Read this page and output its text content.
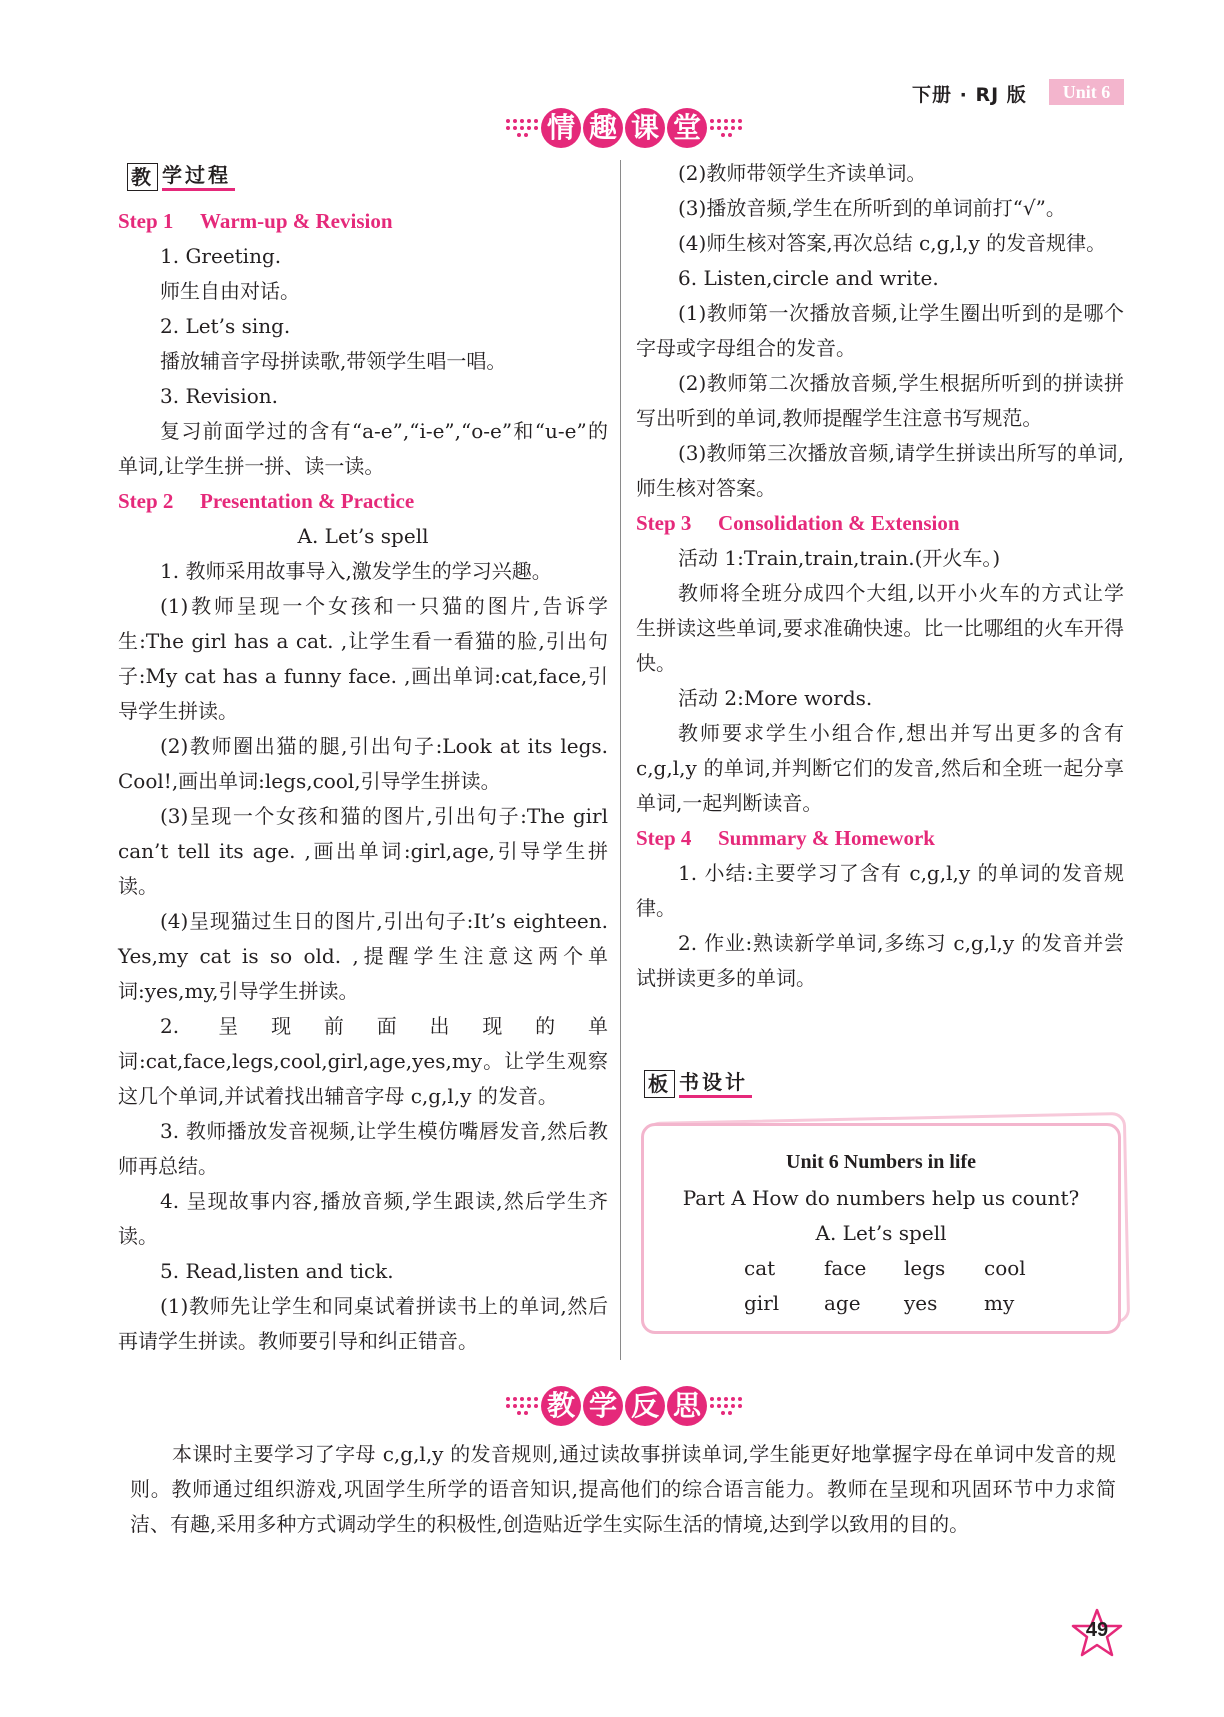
下册 · RJ 版	Unit 6
情 趣 课 堂
教 学过程

Step 1 Warm-up & Revision

1. Greeting.

师生自由对话。

2. Let’s sing.

播放辅音字母拼读歌,带领学生唱一唱。

3. Revision.

复习前面学过的含有“a-e”,“i-e”,“o-e”和“u-e”的单词,让学生拼一拼、读一读。

Step 2 Presentation & Practice

A. Let’s spell

1. 教师采用故事导入,激发学生的学习兴趣。

(1)教师呈现一个女孩和一只猫的图片,告诉学生:The girl has a cat. ,让学生看一看猫的脸,引出句子:My cat has a funny face. ,画出单词:cat,face,引导学生拼读。

(2)教师圈出猫的腿,引出句子:Look at its legs. Cool!,画出单词:legs,cool,引导学生拼读。

(3)呈现一个女孩和猫的图片,引出句子:The girl can’t tell its age. ,画出单词:girl,age,引导学生拼读。

(4)呈现猫过生日的图片,引出句子:It’s eighteen. Yes,my cat is so old. ,提醒学生注意这两个单词:yes,my,引导学生拼读。

2. 呈现前面出现的单词:cat,face,legs,cool,girl,age,yes,my。让学生观察这几个单词,并试着找出辅音字母 c,g,l,y 的发音。

3. 教师播放发音视频,让学生模仿嘴唇发音,然后教师再总结。

4. 呈现故事内容,播放音频,学生跟读,然后学生齐读。

5. Read,listen and tick.

(1)教师先让学生和同桌试着拼读书上的单词,然后再请学生拼读。教师要引导和纠正错音。

(2)教师带领学生齐读单词。

(3)播放音频,学生在所听到的单词前打“√”。

(4)师生核对答案,再次总结 c,g,l,y 的发音规律。

6. Listen,circle and write.

(1)教师第一次播放音频,让学生圈出听到的是哪个字母或字母组合的发音。

(2)教师第二次播放音频,学生根据所听到的拼读拼写出听到的单词,教师提醒学生注意书写规范。

(3)教师第三次播放音频,请学生拼读出所写的单词,师生核对答案。

Step 3 Consolidation & Extension

活动 1:Train,train,train.(开火车。)

教师将全班分成四个大组,以开小火车的方式让学生拼读这些单词,要求准确快速。比一比哪组的火车开得快。

活动 2:More words.

教师要求学生小组合作,想出并写出更多的含有 c,g,l,y 的单词,并判断它们的发音,然后和全班一起分享单词,一起判断读音。

Step 4 Summary & Homework

1. 小结:主要学习了含有 c,g,l,y 的单词的发音规律。

2. 作业:熟读新学单词,多练习 c,g,l,y 的发音并尝试拼读更多的单词。

板 书设计
Unit 6 Numbers in life
Part A How do numbers help us count?
A. Let’s spell
cat	face	legs	cool
girl	age	yes	my
教 学 反 思

本课时主要学习了字母 c,g,l,y 的发音规则,通过读故事拼读单词,学生能更好地掌握字母在单词中发音的规则。教师通过组织游戏,巩固学生所学的语音知识,提高他们的综合语言能力。教师在呈现和巩固环节中力求简洁、有趣,采用多种方式调动学生的积极性,创造贴近学生实际生活的情境,达到学以致用的目的。

49
